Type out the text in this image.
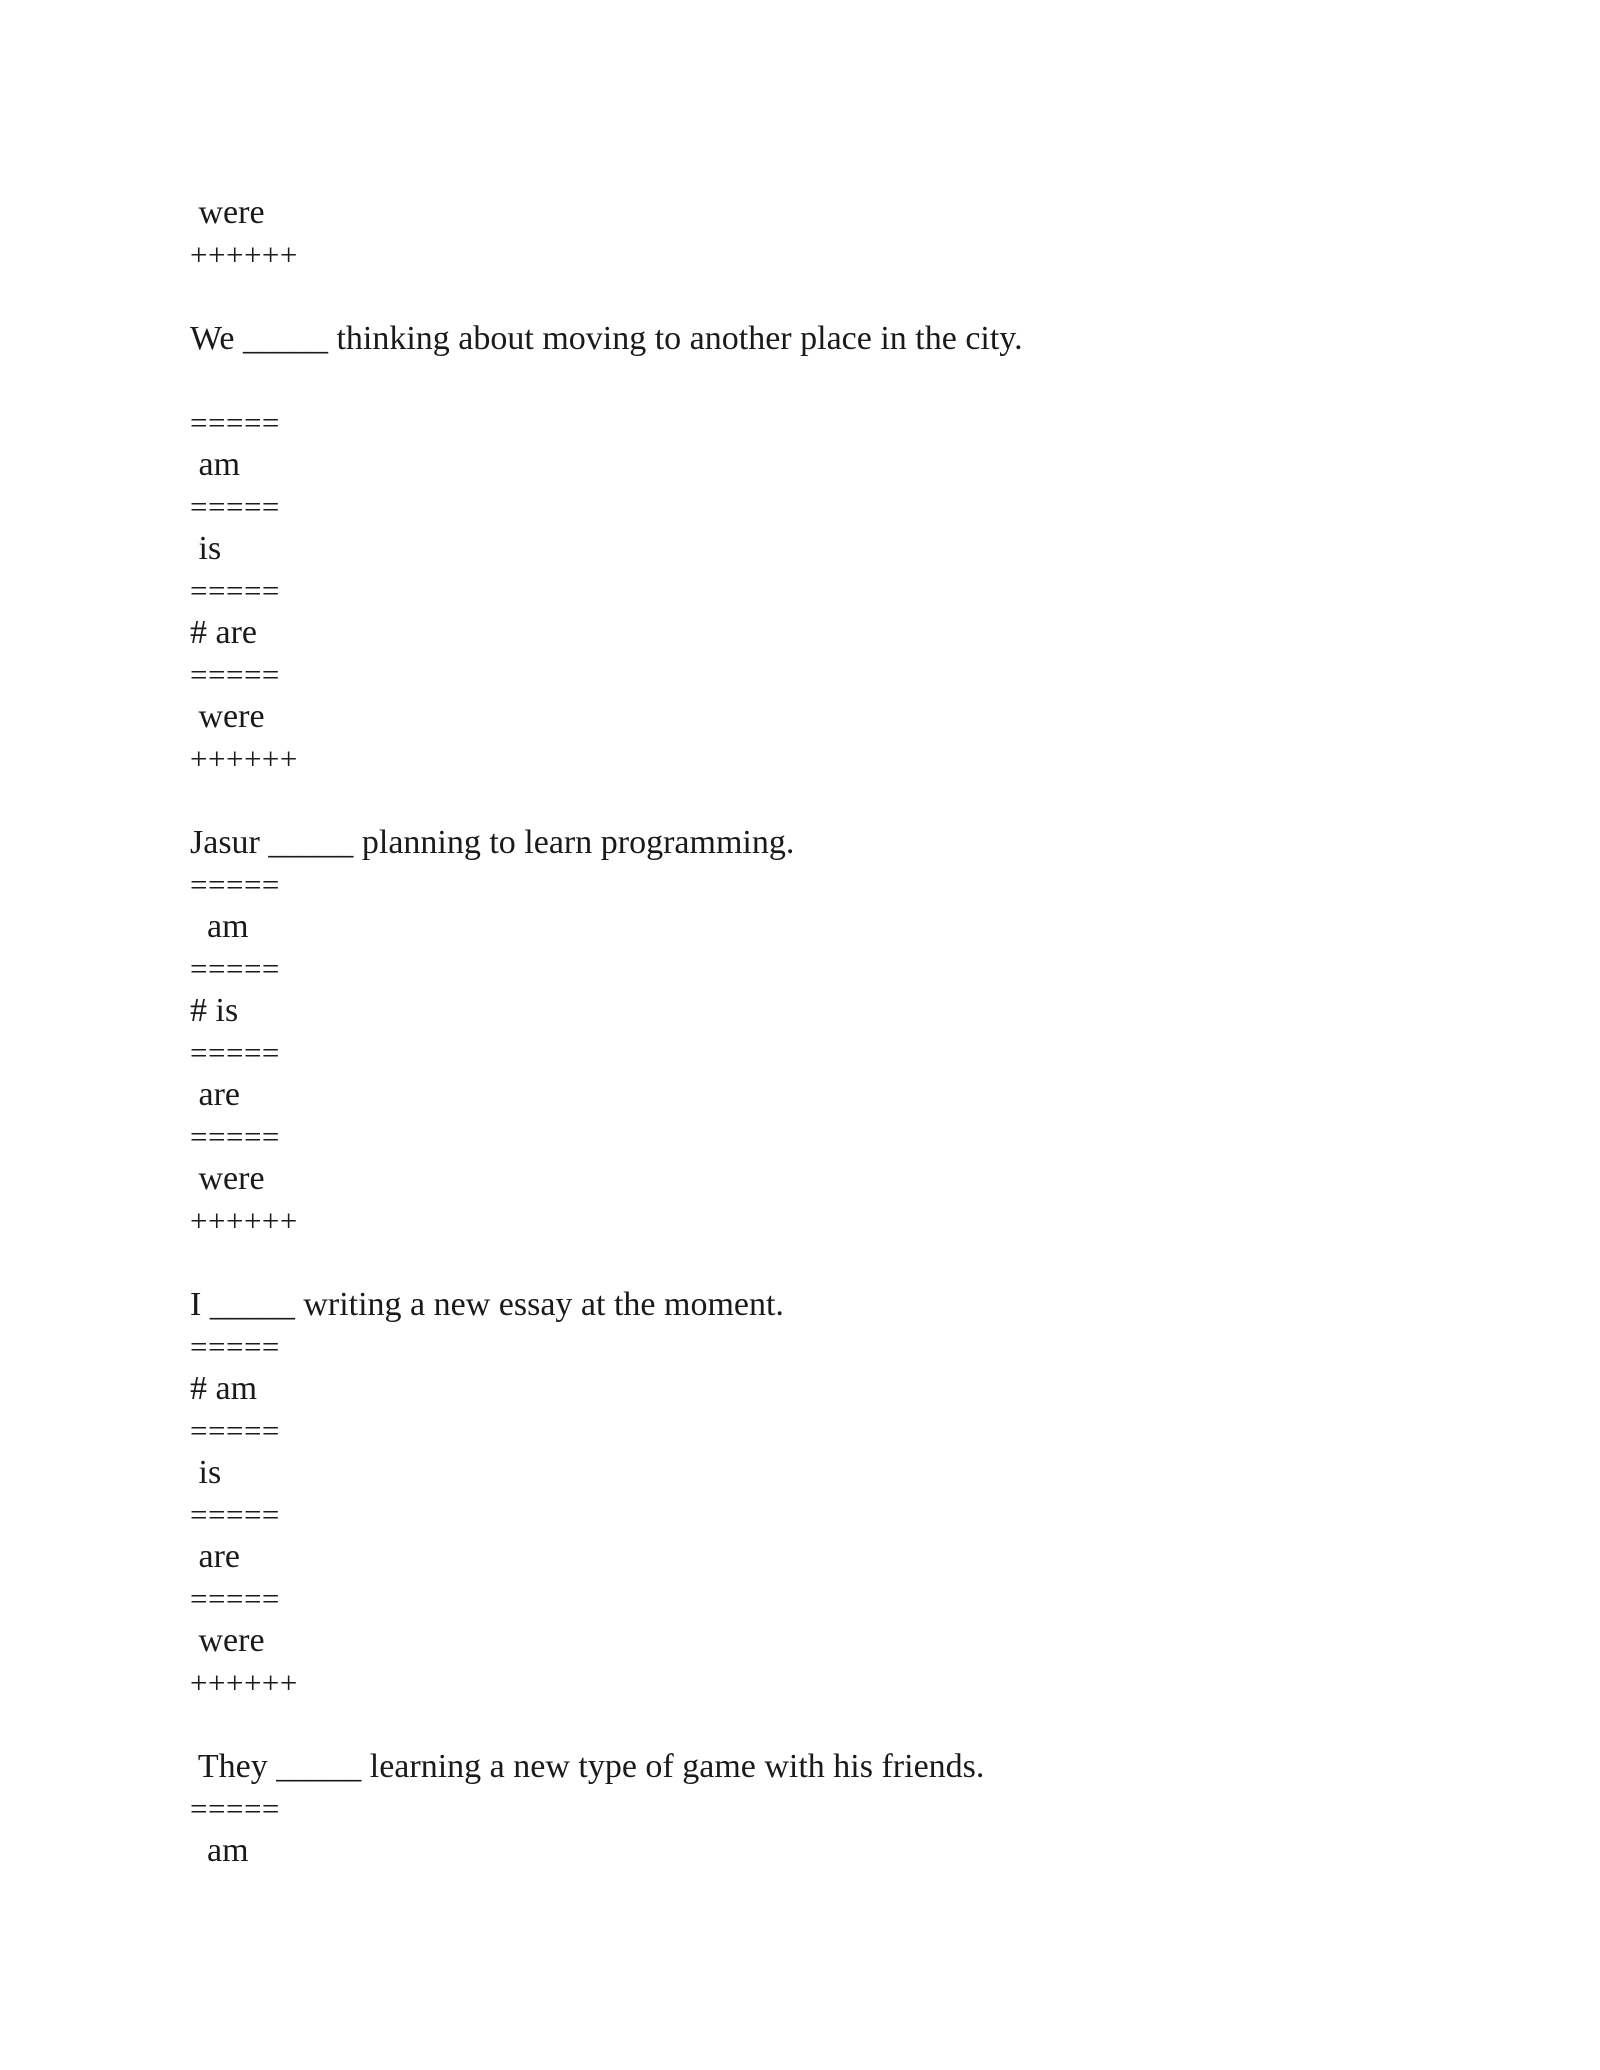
were
++++++
We _____ thinking about moving to another place in the city.
=====
am
=====
is
=====
# are
=====
were
++++++
Jasur _____ planning to learn programming.
=====
am
=====
# is
=====
are
=====
were
++++++
I _____ writing a new essay at the moment.
=====
# am
=====
is
=====
are
=====
were
++++++
They _____ learning a new type of game with his friends.
=====
am
